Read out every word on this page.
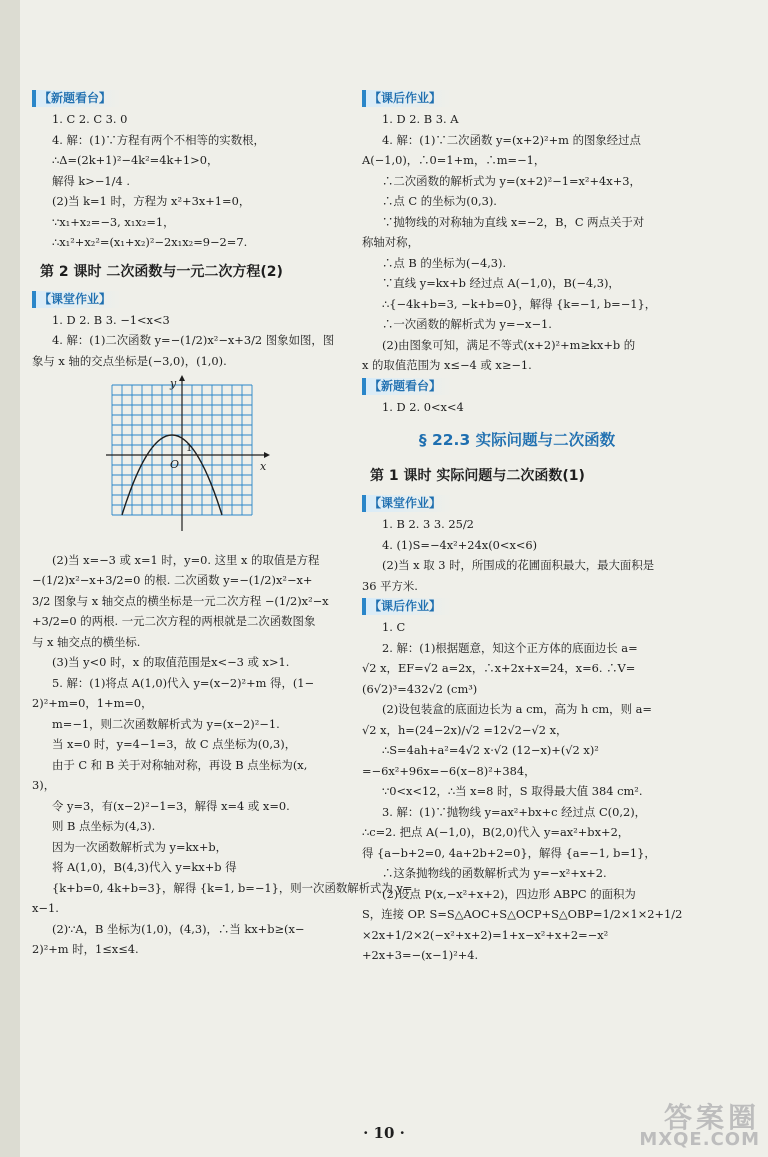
【新题看台】

1. C 2. C 3. 0

4. 解：(1)∵方程有两个不相等的实数根，

∴Δ=(2k+1)²−4k²=4k+1>0，

解得 k>−1/4 .

(2)当 k=1 时，方程为 x²+3x+1=0，

∵x₁+x₂=−3, x₁x₂=1，

∴x₁²+x₂²=(x₁+x₂)²−2x₁x₂=9−2=7.

第 2 课时 二次函数与一元二次方程(2)

【课堂作业】

1. D 2. B 3. −1<x<3

4. 解：(1)二次函数 y=−(1/2)x²−x+3/2 图象如图，图

象与 x 轴的交点坐标是(−3,0)，(1,0).

y
x
O
1

(2)当 x=−3 或 x=1 时，y=0. 这里 x 的取值是方程

−(1/2)x²−x+3/2=0 的根. 二次函数 y=−(1/2)x²−x+

3/2 图象与 x 轴交点的横坐标是一元二次方程 −(1/2)x²−x

+3/2=0 的两根. 一元二次方程的两根就是二次函数图象

与 x 轴交点的横坐标.

(3)当 y<0 时，x 的取值范围是x<−3 或 x>1.

5. 解：(1)将点 A(1,0)代入 y=(x−2)²+m 得，(1−

2)²+m=0，1+m=0，

m=−1，则二次函数解析式为 y=(x−2)²−1.

当 x=0 时，y=4−1=3，故 C 点坐标为(0,3)，

由于 C 和 B 关于对称轴对称，再设 B 点坐标为(x,

3)，

令 y=3，有(x−2)²−1=3，解得 x=4 或 x=0.

则 B 点坐标为(4,3).

因为一次函数解析式为 y=kx+b，

将 A(1,0)，B(4,3)代入 y=kx+b 得

{k+b=0, 4k+b=3}，解得 {k=1, b=−1}，则一次函数解析式为 y=

x−1.

(2)∵A，B 坐标为(1,0)，(4,3)，∴当 kx+b≥(x−

2)²+m 时，1≤x≤4.

【课后作业】

1. D 2. B 3. A

4. 解：(1)∵二次函数 y=(x+2)²+m 的图象经过点

A(−1,0)，∴0=1+m，∴m=−1，

∴二次函数的解析式为 y=(x+2)²−1=x²+4x+3，

∴点 C 的坐标为(0,3).

∵抛物线的对称轴为直线 x=−2，B，C 两点关于对

称轴对称，

∴点 B 的坐标为(−4,3).

∵直线 y=kx+b 经过点 A(−1,0)，B(−4,3)，

∴{−4k+b=3, −k+b=0}，解得 {k=−1, b=−1}，

∴一次函数的解析式为 y=−x−1.

(2)由图象可知，满足不等式(x+2)²+m≥kx+b 的

x 的取值范围为 x≤−4 或 x≥−1.

【新题看台】

1. D 2. 0<x<4

§ 22.3 实际问题与二次函数

第 1 课时 实际问题与二次函数(1)

【课堂作业】

1. B 2. 3 3. 25/2

4. (1)S=−4x²+24x(0<x<6)

(2)当 x 取 3 时，所围成的花圃面积最大，最大面积是

36 平方米.

【课后作业】

1. C

2. 解：(1)根据题意，知这个正方体的底面边长 a=

√2 x，EF=√2 a=2x，∴x+2x+x=24，x=6. ∴V=

(6√2)³=432√2 (cm³)

(2)设包装盒的底面边长为 a cm，高为 h cm，则 a=

√2 x，h=(24−2x)/√2 =12√2−√2 x，

∴S=4ah+a²=4√2 x·√2 (12−x)+(√2 x)²

=−6x²+96x=−6(x−8)²+384，

∵0<x<12，∴当 x=8 时，S 取得最大值 384 cm².

3. 解：(1)∵抛物线 y=ax²+bx+c 经过点 C(0,2)，

∴c=2. 把点 A(−1,0)，B(2,0)代入 y=ax²+bx+2，

得 {a−b+2=0, 4a+2b+2=0}，解得 {a=−1, b=1}，

∴这条抛物线的函数解析式为 y=−x²+x+2.

(2)设点 P(x,−x²+x+2)，四边形 ABPC 的面积为

S，连接 OP. S=S△AOC+S△OCP+S△OBP=1/2×1×2+1/2

×2x+1/2×2(−x²+x+2)=1+x−x²+x+2=−x²

+2x+3=−(x−1)²+4.

· 10 ·	答案圈
MXQE.COM
